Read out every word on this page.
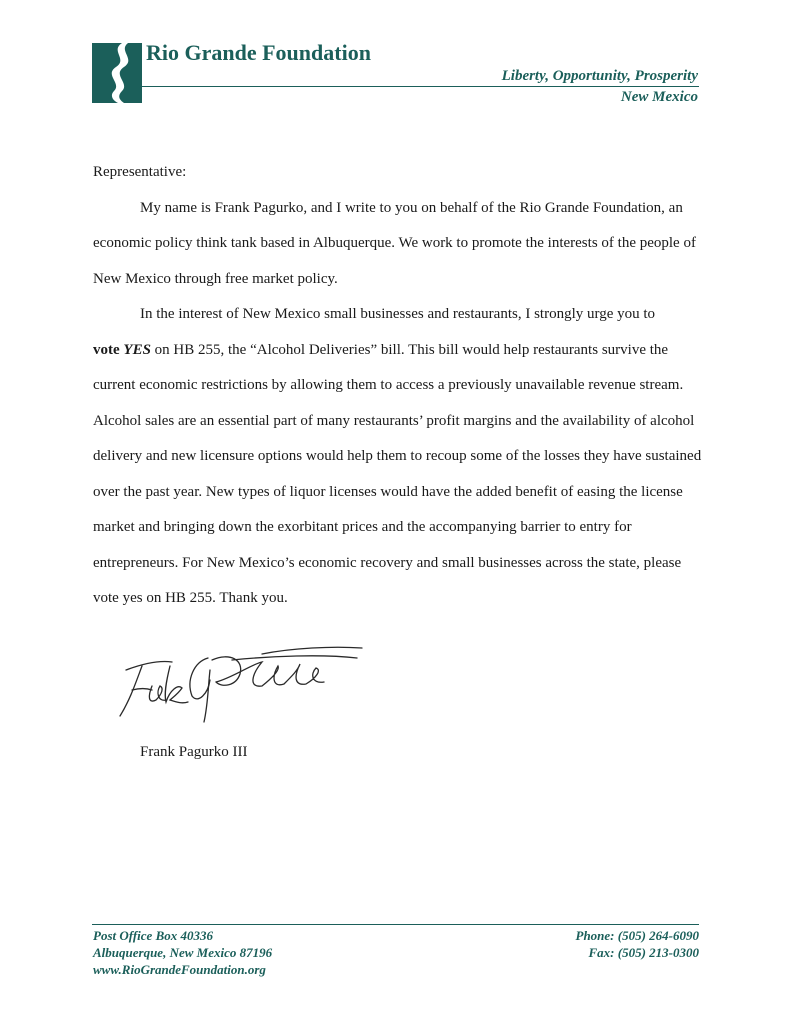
Rio Grande Foundation
Liberty, Opportunity, Prosperity
New Mexico

Representative:

My name is Frank Pagurko, and I write to you on behalf of the Rio Grande Foundation, an economic policy think tank based in Albuquerque. We work to promote the interests of the people of New Mexico through free market policy.

In the interest of New Mexico small businesses and restaurants, I strongly urge you to
vote YES on HB 255, the “Alcohol Deliveries” bill. This bill would help restaurants survive the current economic restrictions by allowing them to access a previously unavailable revenue stream. Alcohol sales are an essential part of many restaurants’ profit margins and the availability of alcohol delivery and new licensure options would help them to recoup some of the losses they have sustained over the past year. New types of liquor licenses would have the added benefit of easing the license market and bringing down the exorbitant prices and the accompanying barrier to entry for entrepreneurs. For New Mexico’s economic recovery and small businesses across the state, please vote yes on HB 255. Thank you.

Frank Pagurko III
Post Office Box 40336
Albuquerque, New Mexico 87196
www.RioGrandeFoundation.org
Phone: (505) 264-6090
Fax: (505) 213-0300
